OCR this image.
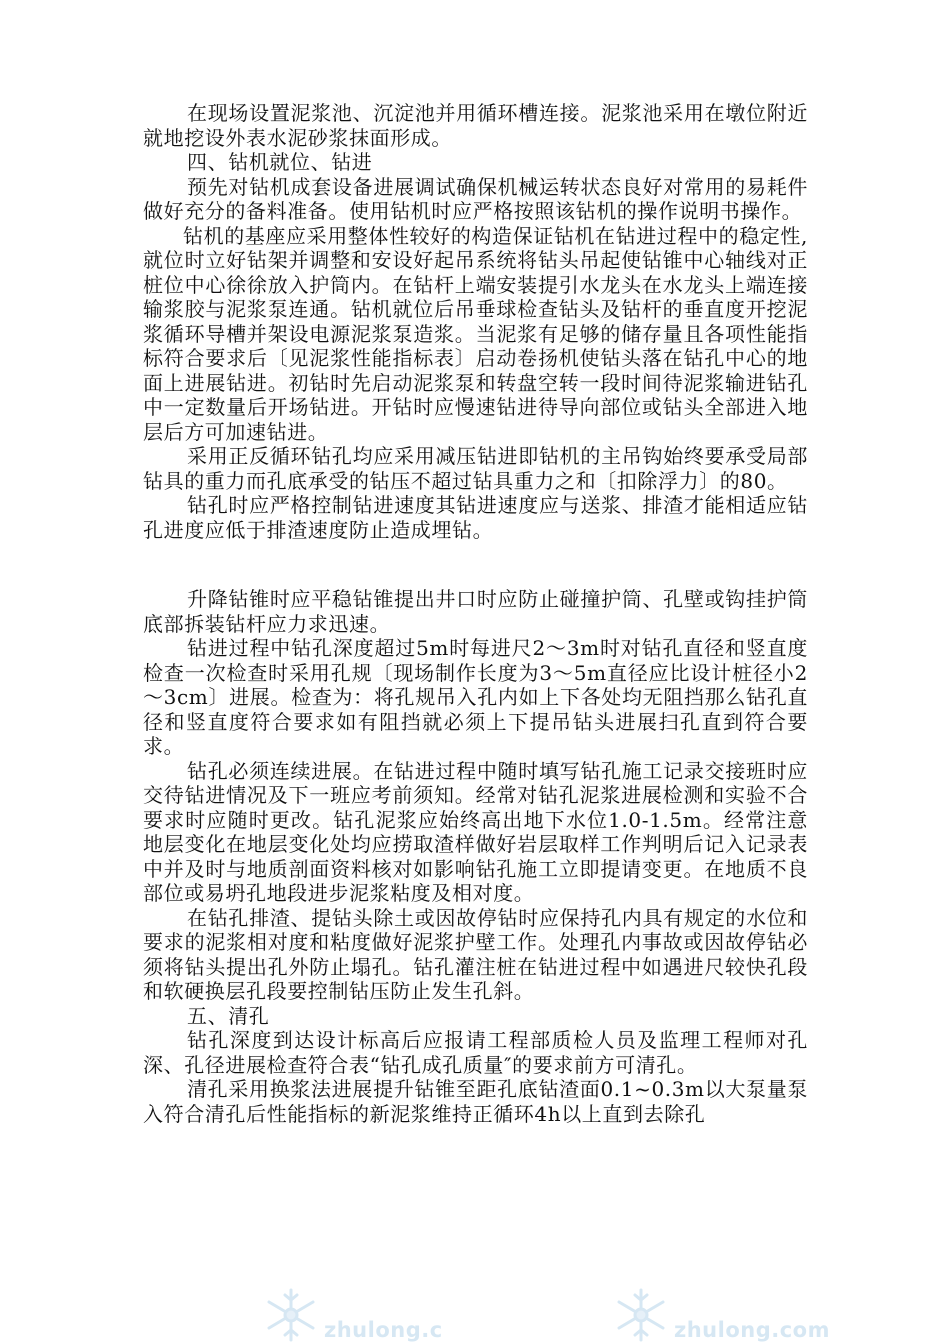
在现场设置泥浆池、沉淀池并用循环槽连接。泥浆池采用在墩位附近就地挖设外表水泥砂浆抹面形成。

四、钻机就位、钻进

预先对钻机成套设备进展调试确保机械运转状态良好对常用的易耗件做好充分的备料准备。使用钻机时应严格按照该钻机的操作说明书操作。

钻机的基座应采用整体性较好的构造保证钻机在钻进过程中的稳定性,就位时立好钻架并调整和安设好起吊系统将钻头吊起使钻锥中心轴线对正桩位中心徐徐放入护筒内。在钻杆上端安装提引水龙头在水龙头上端连接输浆胶与泥浆泵连通。钻机就位后吊垂球检查钻头及钻杆的垂直度开挖泥浆循环导槽并架设电源泥浆泵造浆。当泥浆有足够的储存量且各项性能指标符合要求后〔见泥浆性能指标表〕启动卷扬机使钻头落在钻孔中心的地面上进展钻进。初钻时先启动泥浆泵和转盘空转一段时间待泥浆输进钻孔中一定数量后开场钻进。开钻时应慢速钻进待导向部位或钻头全部进入地层后方可加速钻进。

采用正反循环钻孔均应采用减压钻进即钻机的主吊钩始终要承受局部钻具的重力而孔底承受的钻压不超过钻具重力之和〔扣除浮力〕的80。

钻孔时应严格控制钻进速度其钻进速度应与送浆、排渣才能相适应钻孔进度应低于排渣速度防止造成埋钻。

升降钻锥时应平稳钻锥提出井口时应防止碰撞护筒、孔壁或钩挂护筒底部拆装钻杆应力求迅速。

钻进过程中钻孔深度超过5m时每进尺2～3m时对钻孔直径和竖直度检查一次检查时采用孔规〔现场制作长度为3～5m直径应比设计桩径小2～3cm〕进展。检查为：将孔规吊入孔内如上下各处均无阻挡那么钻孔直径和竖直度符合要求如有阻挡就必须上下提吊钻头进展扫孔直到符合要求。

钻孔必须连续进展。在钻进过程中随时填写钻孔施工记录交接班时应交待钻进情况及下一班应考前须知。经常对钻孔泥浆进展检测和实验不合要求时应随时更改。钻孔泥浆应始终高出地下水位1.0-1.5m。经常注意地层变化在地层变化处均应捞取渣样做好岩层取样工作判明后记入记录表中并及时与地质剖面资料核对如影响钻孔施工立即提请变更。在地质不良部位或易坍孔地段进步泥浆粘度及相对度。

在钻孔排渣、提钻头除土或因故停钻时应保持孔内具有规定的水位和要求的泥浆相对度和粘度做好泥浆护壁工作。处理孔内事故或因故停钻必须将钻头提出孔外防止塌孔。钻孔灌注桩在钻进过程中如遇进尺较快孔段和软硬换层孔段要控制钻压防止发生孔斜。

五、清孔

钻孔深度到达设计标高后应报请工程部质检人员及监理工程师对孔深、孔径进展检查符合表“钻孔成孔质量″的要求前方可清孔。

清孔采用换浆法进展提升钻锥至距孔底钻渣面0.1~0.3m以大泵量泵入符合清孔后性能指标的新泥浆维持正循环4h以上直到去除孔

zhulong.c	zhulong.com
